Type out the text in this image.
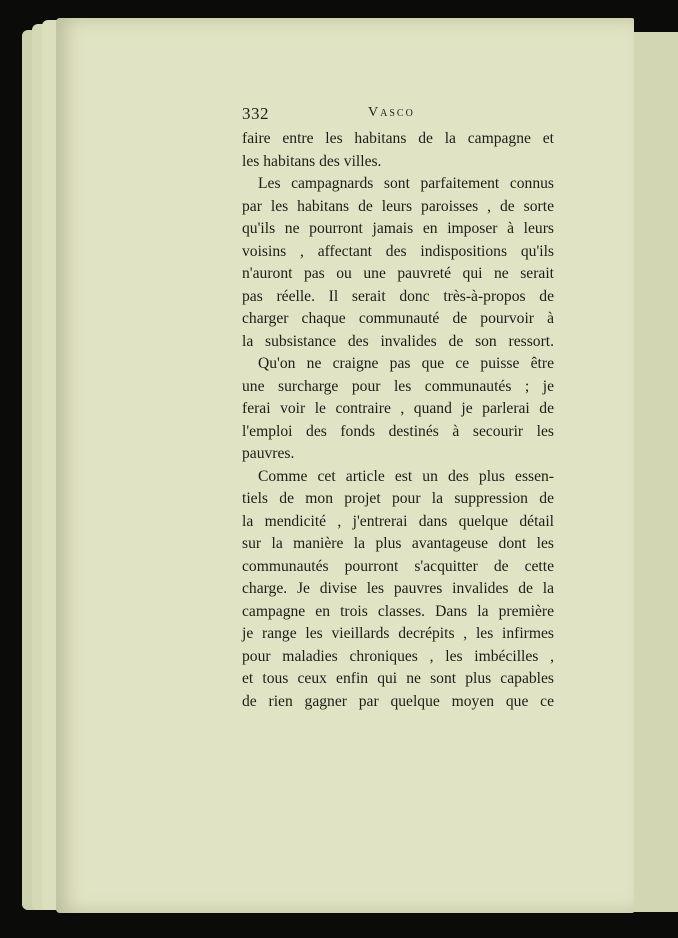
332	Vasco
faire entre les habitans de la campagne et
les habitans des villes.
Les campagnards sont parfaitement connus
par les habitans de leurs paroisses , de sorte
qu'ils ne pourront jamais en imposer à leurs
voisins , affectant des indispositions qu'ils
n'auront pas ou une pauvreté qui ne serait
pas réelle. Il serait donc très-à-propos de
charger chaque communauté de pourvoir à
la subsistance des invalides de son ressort.
Qu'on ne craigne pas que ce puisse être
une surcharge pour les communautés ; je
ferai voir le contraire , quand je parlerai de
l'emploi des fonds destinés à secourir les
pauvres.
Comme cet article est un des plus essen-
tiels de mon projet pour la suppression de
la mendicité , j'entrerai dans quelque détail
sur la manière la plus avantageuse dont les
communautés pourront s'acquitter de cette
charge. Je divise les pauvres invalides de la
campagne en trois classes. Dans la première
je range les vieillards decrépits , les infirmes
pour maladies chroniques , les imbécilles ,
et tous ceux enfin qui ne sont plus capables
de rien gagner par quelque moyen que ce
